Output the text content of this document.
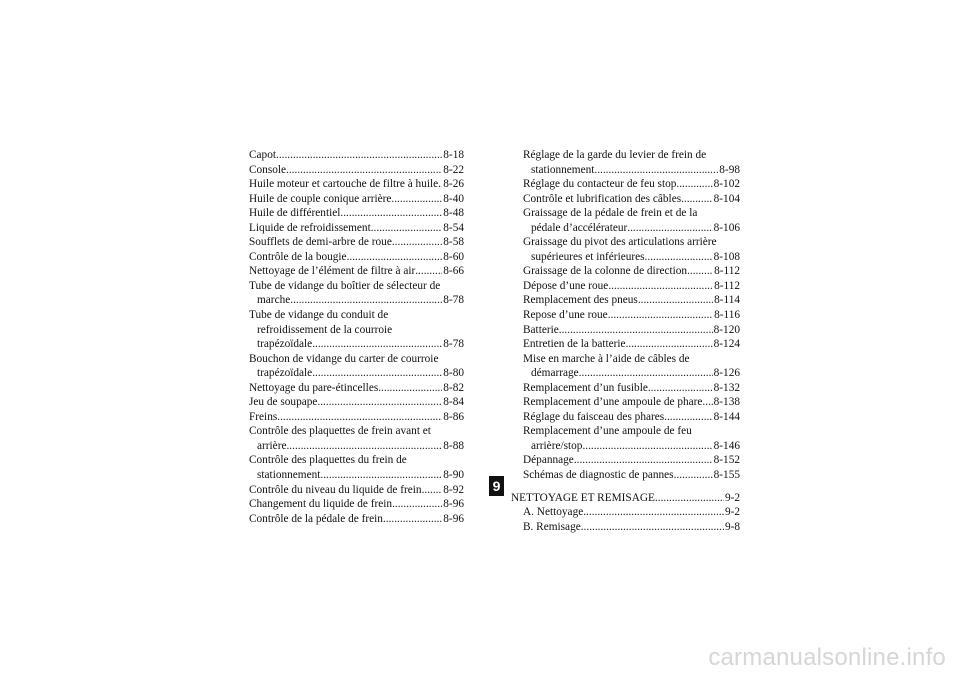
Capot .....	8-18
Console .....	8-22
Huile moteur et cartouche de filtre à huile ..... 8-26
Huile de couple conique arrière .....	8-40
Huile de différentiel .....	8-48
Liquide de refroidissement .....	8-54
Soufflets de demi-arbre de roue .....	8-58
Contrôle de la bougie .....	8-60
Nettoyage de l’élément de filtre à air ..... 8-66
Tube de vidange du boîtier de sélecteur de
marche .....	8-78
Tube de vidange du conduit de
refroidissement de la courroie
trapézoïdale .....	8-78
Bouchon de vidange du carter de courroie
trapézoïdale .....	8-80
Nettoyage du pare-étincelles .....	8-82
Jeu de soupape .....	8-84
Freins .....	8-86
Contrôle des plaquettes de frein avant et
arrière .....	8-88
Contrôle des plaquettes du frein de
stationnement .....	8-90
Contrôle du niveau du liquide de frein ..... 8-92
Changement du liquide de frein .....	8-96
Contrôle de la pédale de frein .....	8-96
Réglage de la garde du levier de frein de
stationnement .....	8-98
Réglage du contacteur de feu stop .....	8-102
Contrôle et lubrification des câbles .....	8-104
Graissage de la pédale de frein et de la
pédale d’accélérateur .....	8-106
Graissage du pivot des articulations arrière
supérieures et inférieures .....	8-108
Graissage de la colonne de direction ..... 8-112
Dépose d’une roue .....	8-112
Remplacement des pneus .....	8-114
Repose d’une roue .....	8-116
Batterie .....	8-120
Entretien de la batterie .....	8-124
Mise en marche à l’aide de câbles de
démarrage .....	8-126
Remplacement d’un fusible .....	8-132
Remplacement d’une ampoule de phare ..... 8-138
Réglage du faisceau des phares .....	8-144
Remplacement d’une ampoule de feu
arrière/stop .....	8-146
Dépannage .....	8-152
Schémas de diagnostic de pannes .....	8-155
NETTOYAGE ET REMISAGE .....	9-2
A. Nettoyage .....	9-2
B. Remisage .....	9-8
9
carmanualsonline.info
